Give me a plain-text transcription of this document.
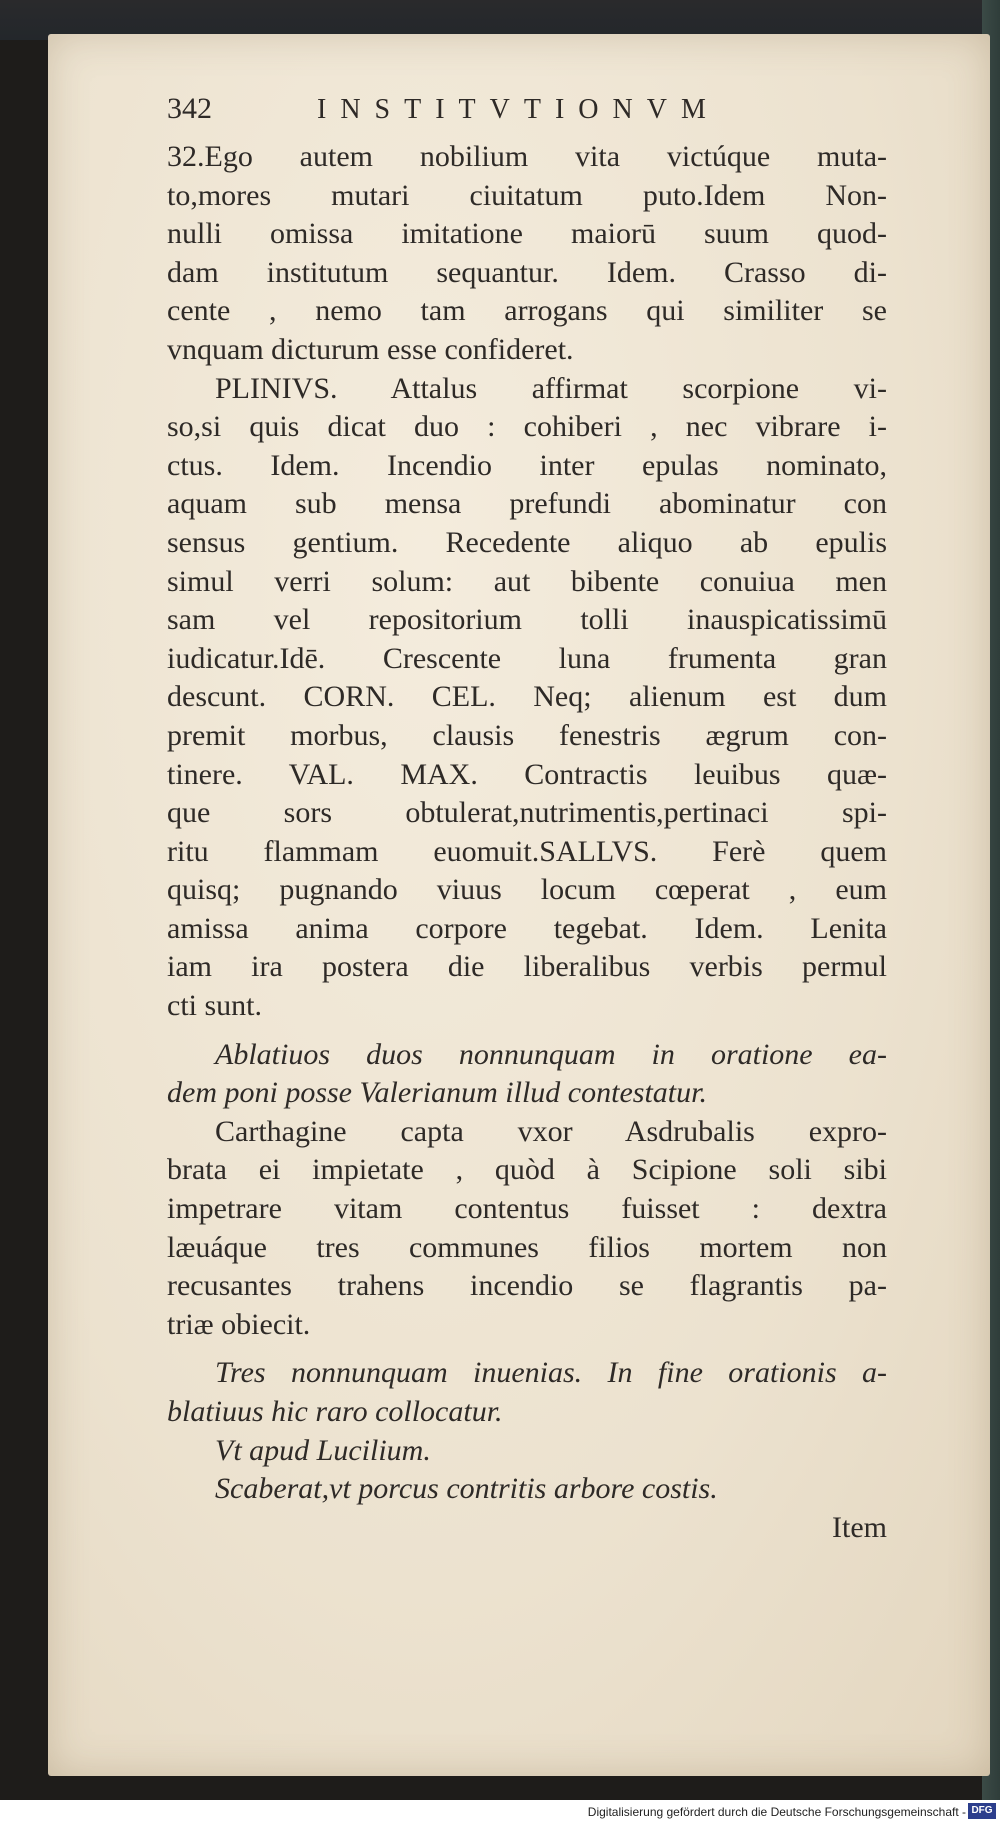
342	INSTITVTIONVM
32.Ego autem nobilium vita victúque muta-
to,mores mutari ciuitatum puto.Idem Non-
nulli omissa imitatione maiorū suum quod-
dam institutum sequantur. Idem. Crasso di-
cente , nemo tam arrogans qui similiter se
vnquam dicturum esse confideret.
PLINIVS. Attalus affirmat scorpione vi-
so,si quis dicat duo : cohiberi , nec vibrare i-
ctus. Idem. Incendio inter epulas nominato,
aquam sub mensa prefundi abominatur con
sensus gentium. Recedente aliquo ab epulis
simul verri solum: aut bibente conuiua men
sam vel repositorium tolli inauspicatissimū
iudicatur.Idē. Crescente luna frumenta gran
descunt. CORN. CEL. Neq; alienum est dum
premit morbus, clausis fenestris ægrum con-
tinere. VAL. MAX. Contractis leuibus quæ-
que sors obtulerat,nutrimentis,pertinaci spi-
ritu flammam euomuit.SALLVS. Ferè quem
quisq; pugnando viuus locum cœperat , eum
amissa anima corpore tegebat. Idem. Lenita
iam ira postera die liberalibus verbis permul
cti sunt.
Ablatiuos duos nonnunquam in oratione ea-
dem poni posse Valerianum illud contestatur.
Carthagine capta vxor Asdrubalis expro-
brata ei impietate , quòd à Scipione soli sibi
impetrare vitam contentus fuisset : dextra
læuáque tres communes filios mortem non
recusantes trahens incendio se flagrantis pa-
triæ obiecit.
Tres nonnunquam inuenias. In fine orationis a-
blatiuus hic raro collocatur.
Vt apud Lucilium.
Scaberat,vt porcus contritis arbore costis.
Item
Digitalisierung gefördert durch die Deutsche Forschungsgemeinschaft - DFG
